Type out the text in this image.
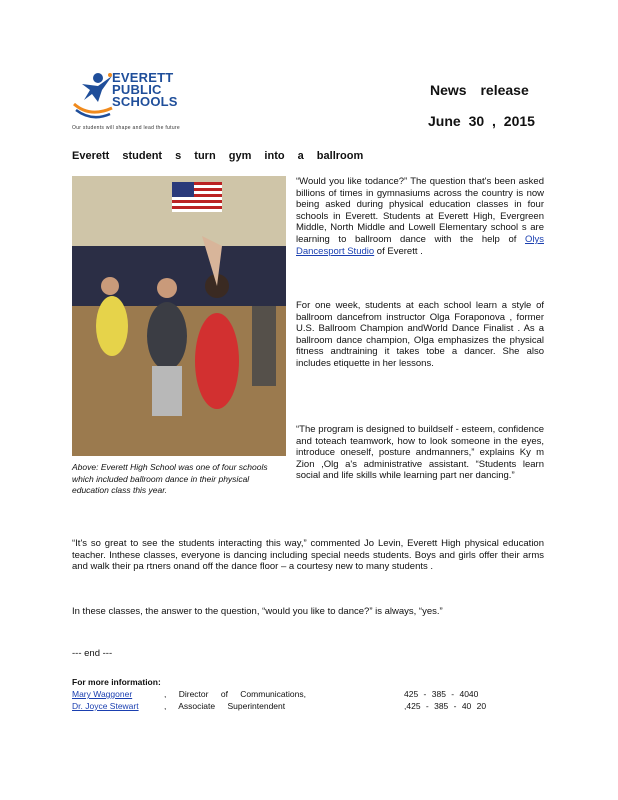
EVERETT
PUBLIC
SCHOOLS
Our students will shape and lead the future
News release
June 30 , 2015
Everett student s turn gym into a ballroom
Above: Everett High School was one of four schools which included ballroom dance in their physical education class this year.
“Would you like todance?” The question that's been asked billions of times in gymnasiums across the country is now being asked during physical education classes in four schools in Everett. Students at Everett High, Evergreen Middle, North Middle and Lowell Elementary school s are learning to ballroom dance with the help of Olys Dancesport Studio of Everett .
For one week, students at each school learn a style of ballroom dancefrom instructor Olga Foraponova , former U.S. Ballroom Champion andWorld Dance Finalist . As a ballroom dance champion, Olga emphasizes the physical fitness andtraining it takes tobe a dancer. She also includes etiquette in her lessons.
“The program is designed to buildself - esteem, confidence and toteach teamwork, how to look someone in the eyes, introduce oneself, posture andmanners,” explains Ky m Zion ,Olg a's administrative assistant. “Students learn social and life skills while learning part ner dancing.”
“It's so great to see the students interacting this way,” commented Jo Levin, Everett High physical education teacher. Inthese classes, everyone is dancing including special needs students. Boys and girls offer their arms and walk their pa rtners onand off the dance floor – a courtesy new to many students .
In these classes, the answer to the question, “would you like to dance?” is always, “yes.”
--- end ---
For more information:
Mary Waggoner	, Director of Communications,	425 - 385 - 4040
Dr. Joyce Stewart	, Associate Superintendent	,425 - 385 - 40 20
